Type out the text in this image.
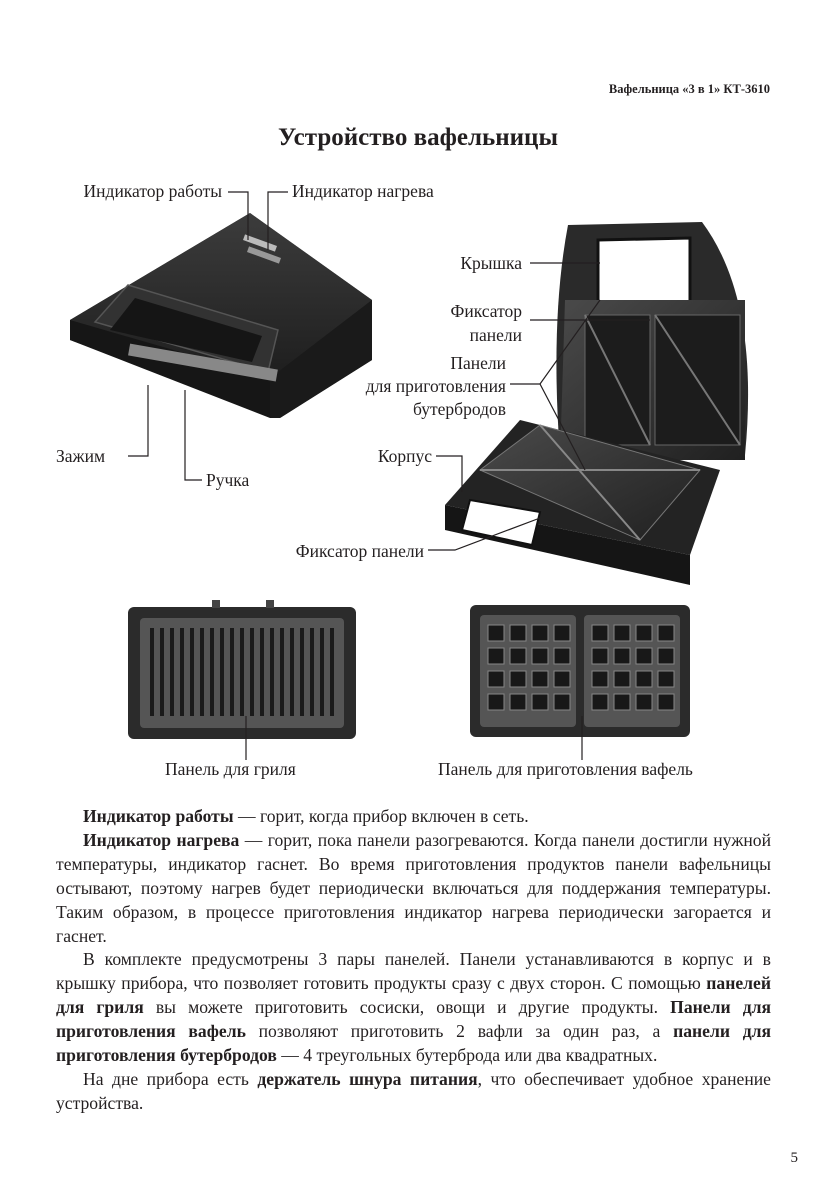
Вафельница «3 в 1» КТ-3610
Устройство вафельницы
Индикатор работы	Индикатор нагрева
Крышка
Фиксатор
панели
Панели
для приготовления
бутербродов
Зажим
Ручка
Корпус
Фиксатор панели
Панель для гриля	Панель для приготовления вафель

Индикатор работы — горит, когда прибор включен в сеть.

Индикатор нагрева — горит, пока панели разогреваются. Когда панели достигли нужной температуры, индикатор гаснет. Во время приготовления продуктов панели вафельницы остывают, поэтому нагрев будет периодически включаться для поддержания температуры. Таким образом, в процессе приготовления индикатор нагрева периодически загорается и гаснет.

В комплекте предусмотрены 3 пары панелей. Панели устанавливаются в корпус и в крышку прибора, что позволяет готовить продукты сразу с двух сторон. С помощью панелей для гриля вы можете приготовить сосиски, овощи и другие продукты. Панели для приготовления вафель позволяют приготовить 2 вафли за один раз, а панели для приготовления бутербродов — 4 треугольных бутерброда или два квадратных.

На дне прибора есть держатель шнура питания, что обеспечивает удобное хранение устройства.

5
